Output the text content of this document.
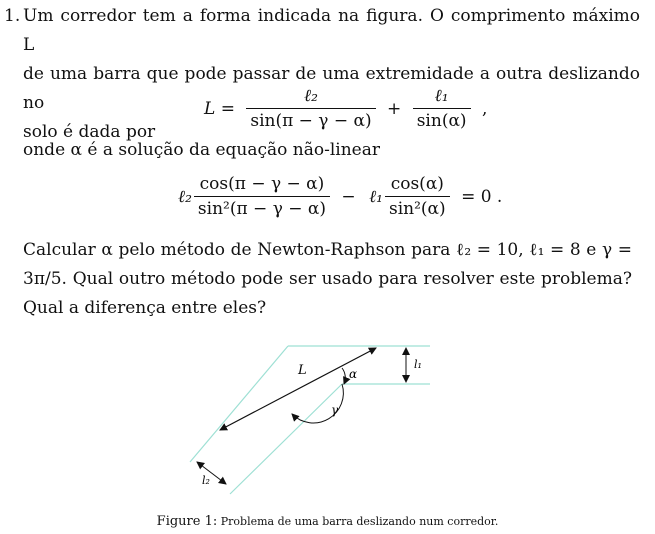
1. Um corredor tem a forma indicada na figura. O comprimento máximo L
de uma barra que pode passar de uma extremidade a outra deslizando no
solo é dada por
$L = \frac{\text{ℓ₂}}{\sin(\pi - \gamma - \alpha)} + \frac{\text{ℓ₁}}{\sin(\alpha)}$ ,
onde α é a solução da equação não-linear
ℓ₂ $\frac{\cos(\pi - \gamma - \alpha)}{\text{sin²(π − γ − α)}}$ − ℓ₁ $\frac{\cos(\alpha)}{\text{sin²(α)}} = 0$ .
Calcular α pelo método de Newton-Raphson para ℓ₂ = 10, ℓ₁ = 8 e γ =
3π/5. Qual outro método pode ser usado para resolver este problema?
Qual a diferença entre eles?
L	α
γ
l₁
l₂
Figure 1: Problema de uma barra deslizando num corredor.
